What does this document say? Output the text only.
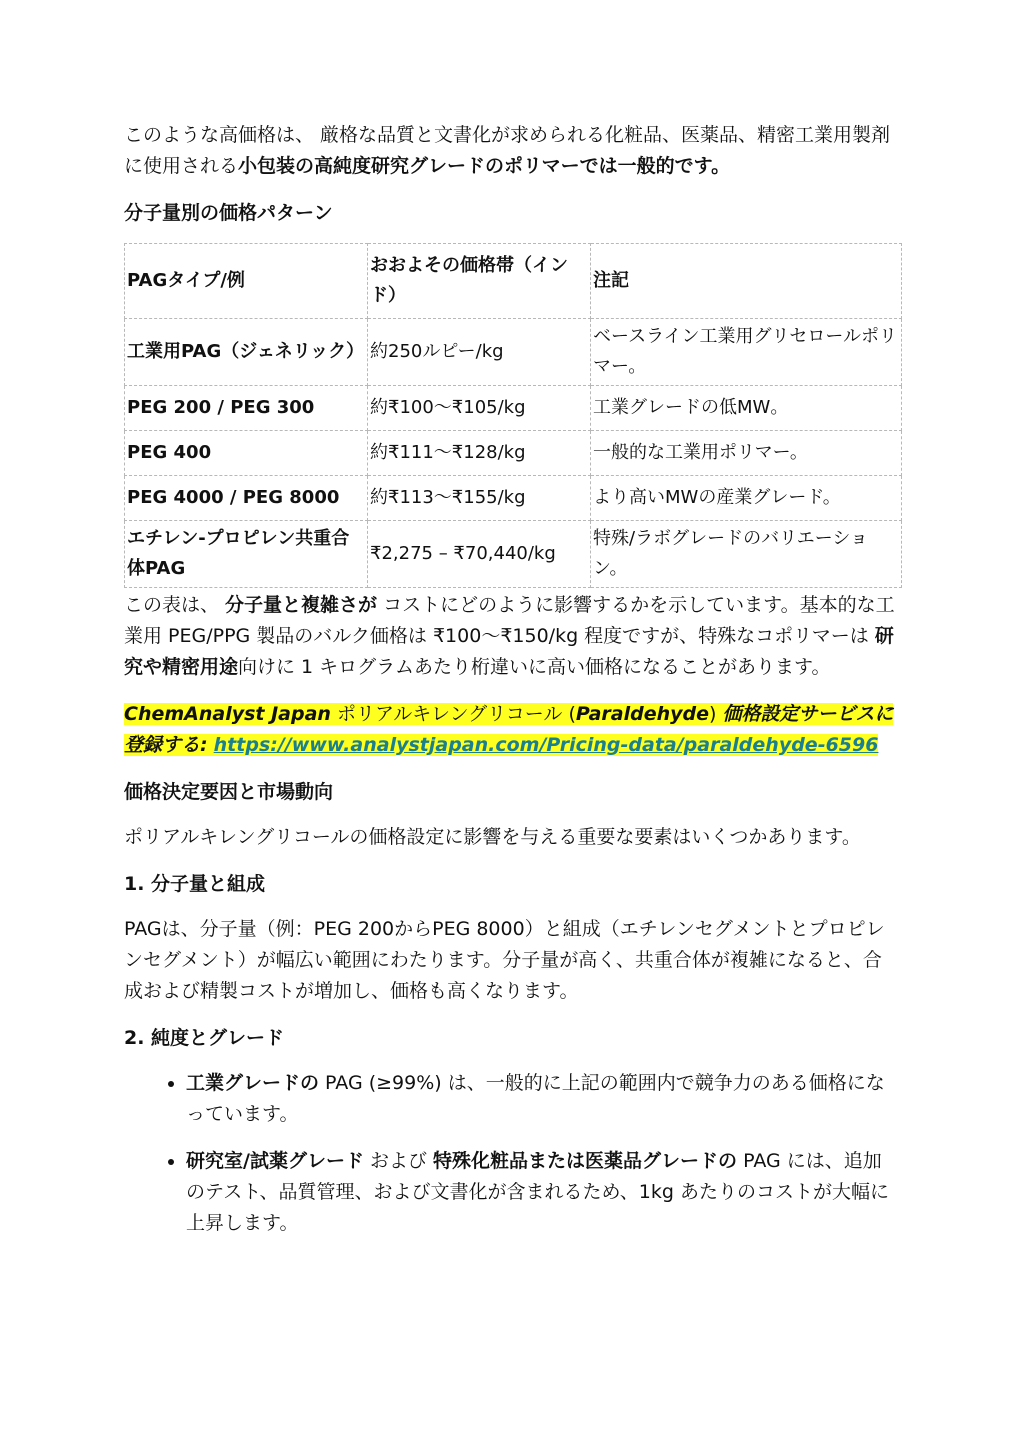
このような高価格は、 厳格な品質と文書化が求められる化粧品、医薬品、精密工業用製剤に使用される小包装の高純度研究グレードのポリマーでは一般的です。

分子量別の価格パターン

PAGタイプ/例	おおよその価格帯（インド）	注記
工業用PAG（ジェネリック）	約250ルピー/kg	ベースライン工業用グリセロールポリマー。
PEG 200 / PEG 300	約₹100〜₹105/kg	工業グレードの低MW。
PEG 400	約₹111〜₹128/kg	一般的な工業用ポリマー。
PEG 4000 / PEG 8000	約₹113〜₹155/kg	より高いMWの産業グレード。
エチレン-プロピレン共重合体PAG	₹2,275 – ₹70,440/kg	特殊/ラボグレードのバリエーション。

この表は、 分子量と複雑さが コストにどのように影響するかを示しています。基本的な工業用 PEG/PPG 製品のバルク価格は ₹100〜₹150/kg 程度ですが、特殊なコポリマーは 研究や精密用途向けに 1 キログラムあたり桁違いに高い価格になることがあります。

ChemAnalyst Japan ポリアルキレングリコール (Paraldehyde) 価格設定サービスに登録する: https://www.analystjapan.com/Pricing-data/paraldehyde-6596

価格決定要因と市場動向

ポリアルキレングリコールの価格設定に影響を与える重要な要素はいくつかあります。

1. 分子量と組成

PAGは、分子量（例：PEG 200からPEG 8000）と組成（エチレンセグメントとプロピレンセグメント）が幅広い範囲にわたります。分子量が高く、共重合体が複雑になると、合成および精製コストが増加し、価格も高くなります。

2. 純度とグレード

• 工業グレードの PAG (≥99%) は、一般的に上記の範囲内で競争力のある価格になっています。
• 研究室/試薬グレード および 特殊化粧品または医薬品グレードの PAG には、追加のテスト、品質管理、および文書化が含まれるため、1kg あたりのコストが大幅に上昇します。
